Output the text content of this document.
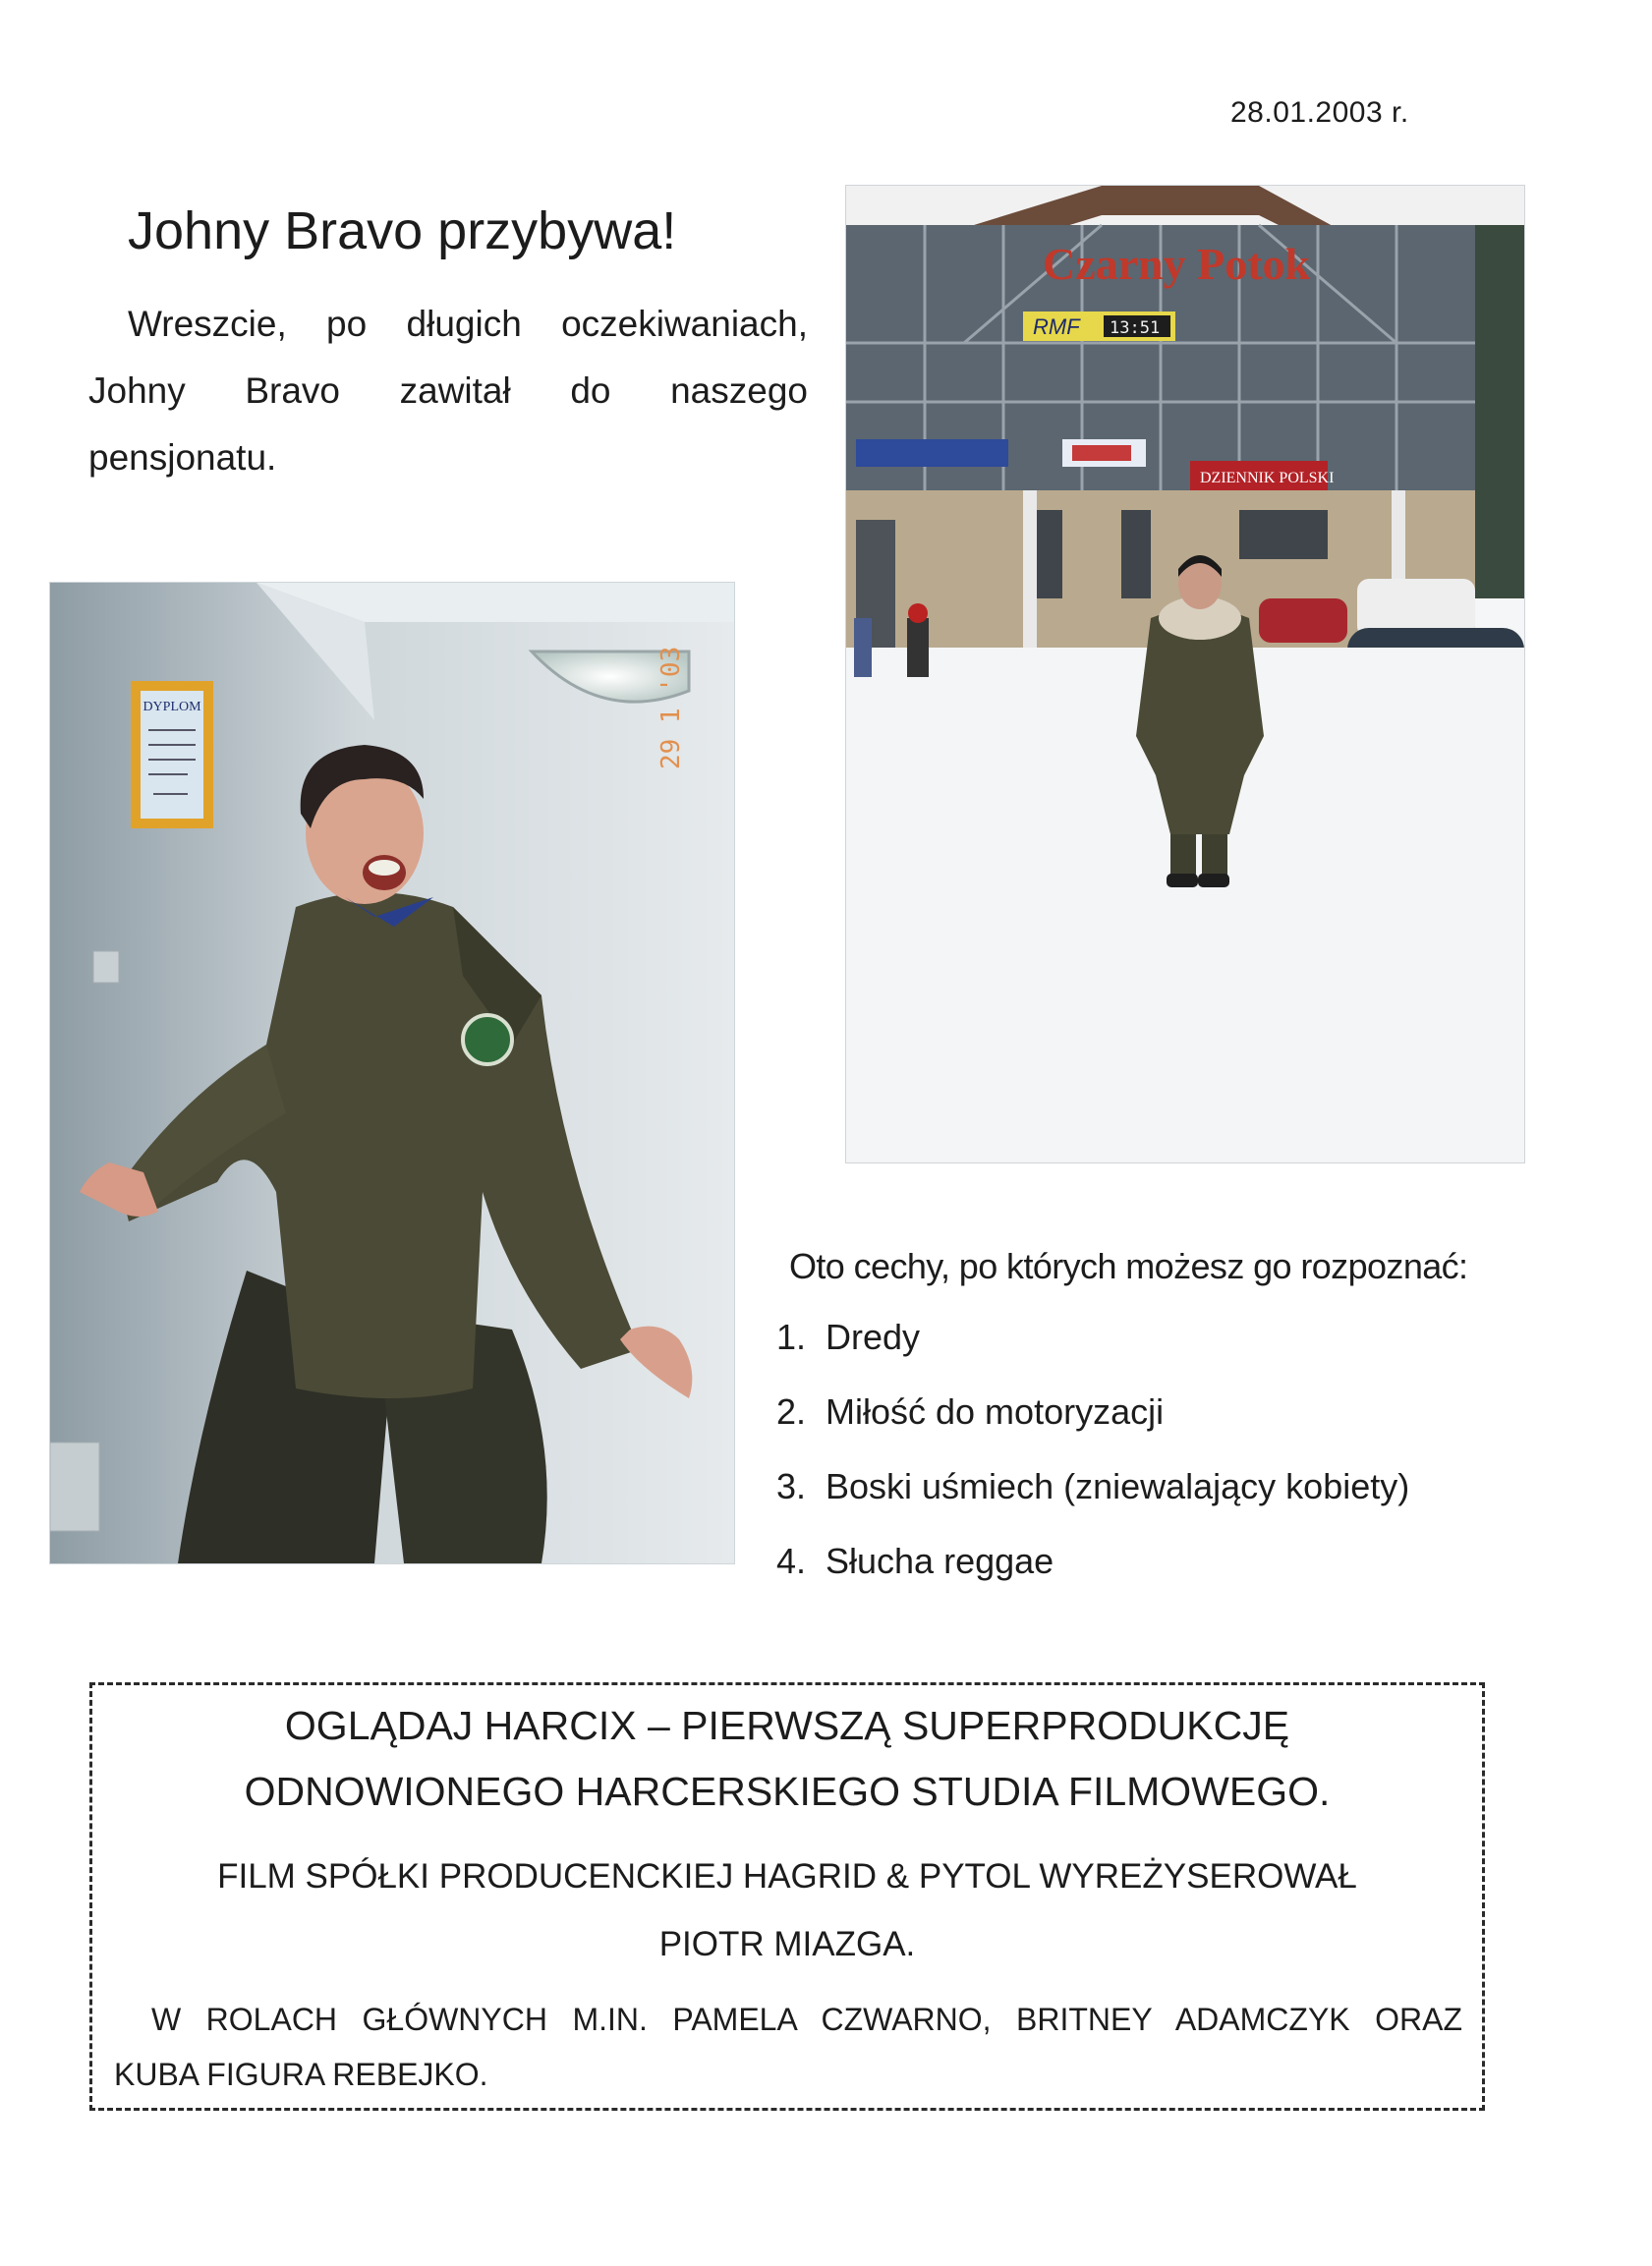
28.01.2003 r.
Johny Bravo przybywa!
Wreszcie, po długich oczekiwaniach, Johny Bravo zawitał do naszego pensjonatu.
DYPLOM	29 1 '03
Czarny Potok
RMF 13:51
DZIENNIK POLSKI
Oto cechy, po których możesz go rozpoznać:
1. Dredy
2. Miłość do motoryzacji
3. Boski uśmiech (zniewalający kobiety)
4. Słucha reggae
OGLĄDAJ HARCIX – PIERWSZĄ SUPERPRODUKCJĘ
ODNOWIONEGO HARCERSKIEGO STUDIA FILMOWEGO.
FILM SPÓŁKI PRODUCENCKIEJ HAGRID & PYTOL WYREŻYSEROWAŁ
PIOTR MIAZGA.
W ROLACH GŁÓWNYCH M.IN. PAMELA CZWARNO, BRITNEY ADAMCZYK ORAZ
KUBA FIGURA REBEJKO.
